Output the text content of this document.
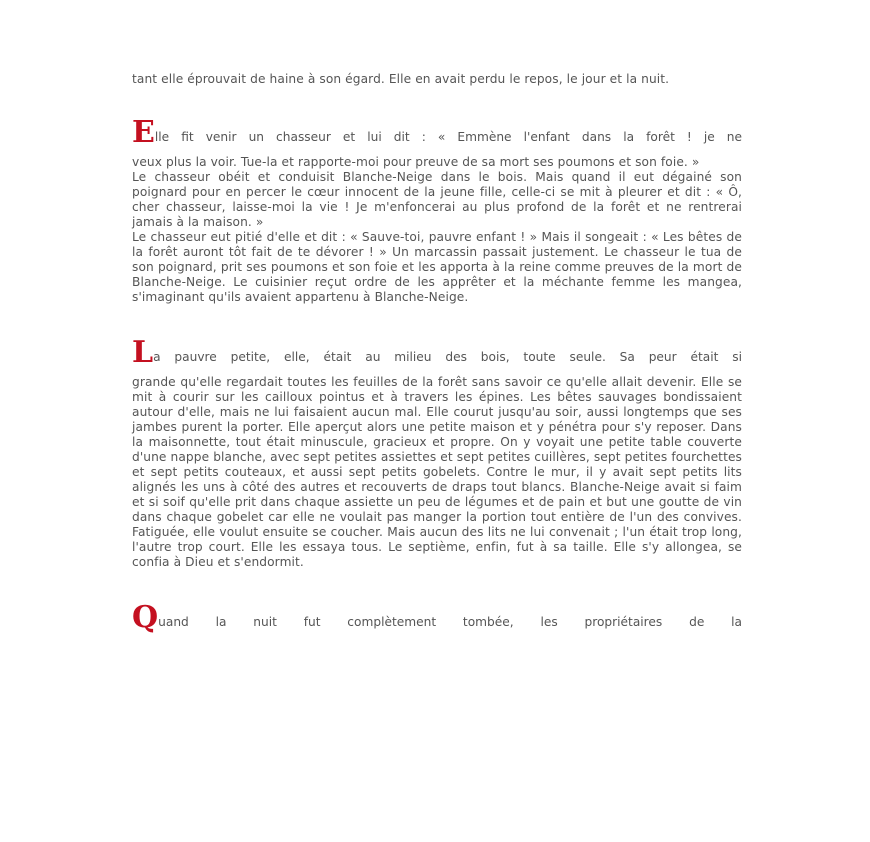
tant elle éprouvait de haine à son égard. Elle en avait perdu le repos, le jour et la nuit.

Elle fit venir un chasseur et lui dit : « Emmène l'enfant dans la forêt ! je ne

veux plus la voir. Tue-la et rapporte-moi pour preuve de sa mort ses poumons et son foie. »
Le chasseur obéit et conduisit Blanche-Neige dans le bois. Mais quand il eut dégainé son poignard pour en percer le cœur innocent de la jeune fille, celle-ci se mit à pleurer et dit : « Ô, cher chasseur, laisse-moi la vie ! Je m'enfoncerai au plus profond de la forêt et ne rentrerai jamais à la maison. »
Le chasseur eut pitié d'elle et dit : « Sauve-toi, pauvre enfant ! » Mais il songeait : « Les bêtes de la forêt auront tôt fait de te dévorer ! » Un marcassin passait justement. Le chasseur le tua de son poignard, prit ses poumons et son foie et les apporta à la reine comme preuves de la mort de Blanche-Neige. Le cuisinier reçut ordre de les apprêter et la méchante femme les mangea, s'imaginant qu'ils avaient appartenu à Blanche-Neige.

La pauvre petite, elle, était au milieu des bois, toute seule. Sa peur était si

grande qu'elle regardait toutes les feuilles de la forêt sans savoir ce qu'elle allait devenir. Elle se mit à courir sur les cailloux pointus et à travers les épines. Les bêtes sauvages bondissaient autour d'elle, mais ne lui faisaient aucun mal. Elle courut jusqu'au soir, aussi longtemps que ses jambes purent la porter. Elle aperçut alors une petite maison et y pénétra pour s'y reposer. Dans la maisonnette, tout était minuscule, gracieux et propre. On y voyait une petite table couverte d'une nappe blanche, avec sept petites assiettes et sept petites cuillères, sept petites fourchettes et sept petits couteaux, et aussi sept petits gobelets. Contre le mur, il y avait sept petits lits alignés les uns à côté des autres et recouverts de draps tout blancs. Blanche-Neige avait si faim et si soif qu'elle prit dans chaque assiette un peu de légumes et de pain et but une goutte de vin dans chaque gobelet car elle ne voulait pas manger la portion tout entière de l'un des convives. Fatiguée, elle voulut ensuite se coucher. Mais aucun des lits ne lui convenait ; l'un était trop long, l'autre trop court. Elle les essaya tous. Le septième, enfin, fut à sa taille. Elle s'y allongea, se confia à Dieu et s'endormit.

Quand la nuit fut complètement tombée, les propriétaires de la
